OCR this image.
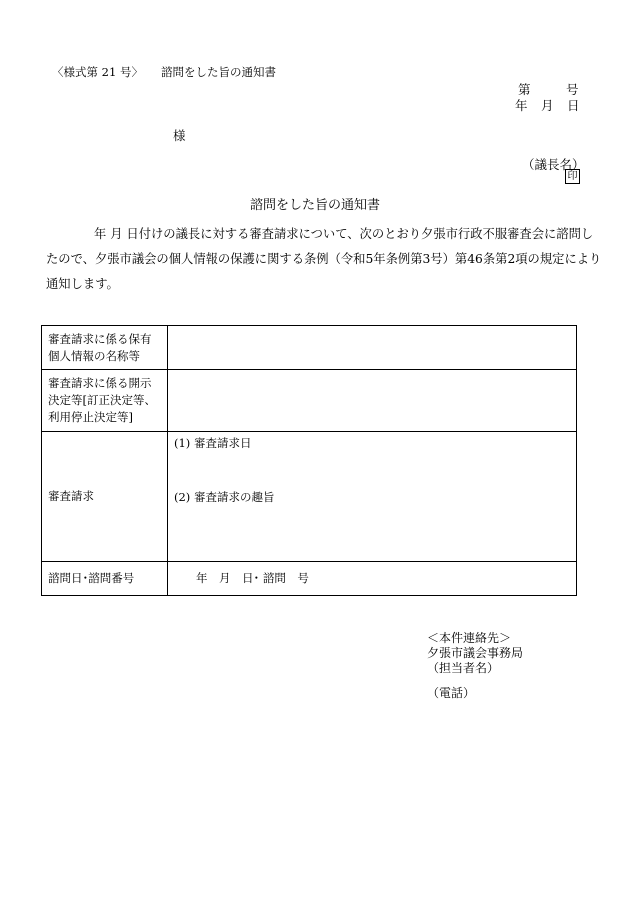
〈様式第 21 号〉 諮問をした旨の通知書
第	号
年 月 日
様
（議長名）
印
諮問をした旨の通知書
年 月 日付けの議長に対する審査請求について、次のとおり夕張市行政不服審査会に諮問し
たので、夕張市議会の個人情報の保護に関する条例（令和5年条例第3号）第46条第2項の規定により
通知します。
審査請求に係る保有個人情報の名称等	
審査請求に係る開示決定等[訂正決定等、利用停止決定等]	
審査請求	(1) 審査請求日
(2) 審査請求の趣旨

諮問日･諮問番号	年　月　日･ 諮問　号
＜本件連絡先＞
夕張市議会事務局
（担当者名）
（電話）
